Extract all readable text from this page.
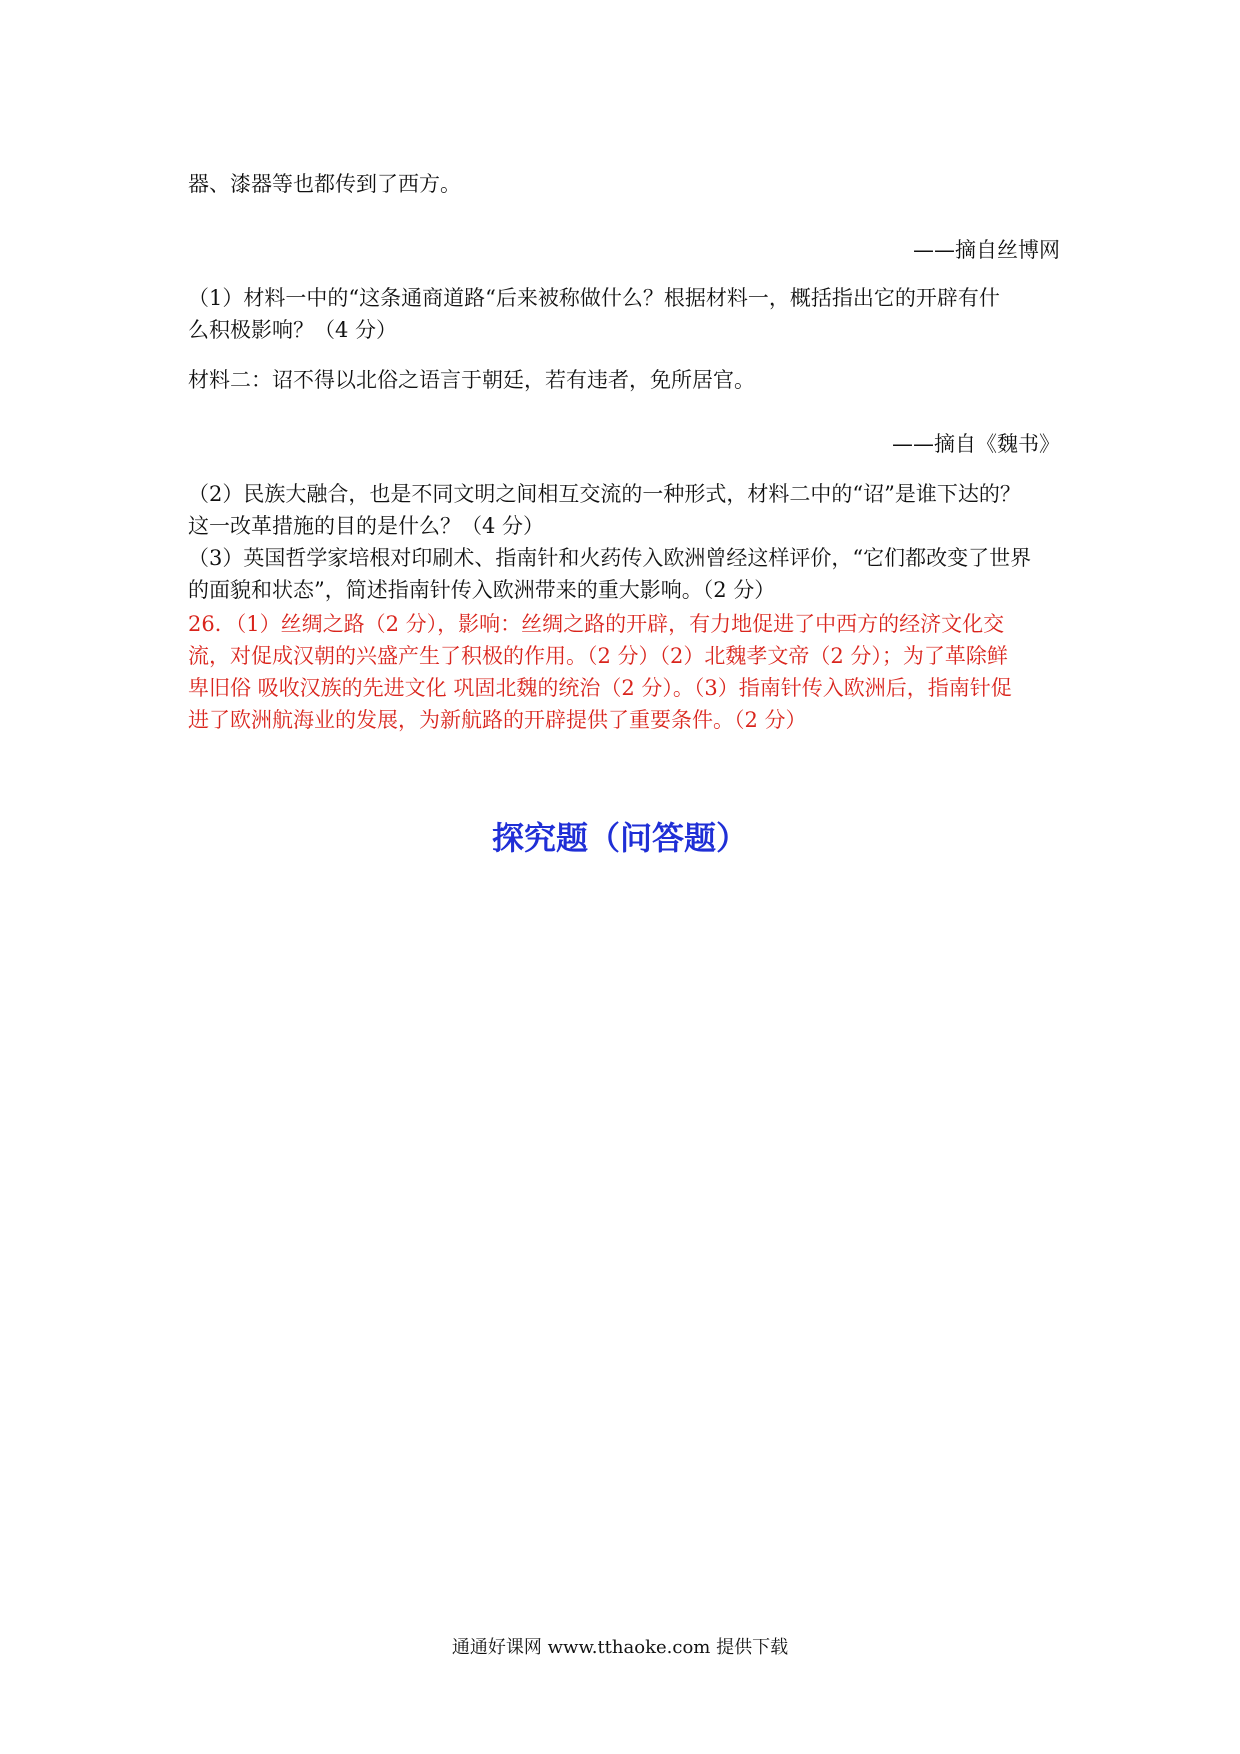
器、漆器等也都传到了西方。
——摘自丝博网
（1）材料一中的“这条通商道路“后来被称做什么？根据材料一，概括指出它的开辟有什
么积极影响？（4 分）
材料二：诏不得以北俗之语言于朝廷，若有违者，免所居官。
——摘自《魏书》
（2）民族大融合，也是不同文明之间相互交流的一种形式，材料二中的“诏”是谁下达的？
这一改革措施的目的是什么？（4 分）
（3）英国哲学家培根对印刷术、指南针和火药传入欧洲曾经这样评价，“它们都改变了世界
的面貌和状态”，简述指南针传入欧洲带来的重大影响。（2 分）
26．（1）丝绸之路（2 分），影响：丝绸之路的开辟，有力地促进了中西方的经济文化交
流，对促成汉朝的兴盛产生了积极的作用。（2 分）（2）北魏孝文帝（2 分）；为了革除鲜
卑旧俗 吸收汉族的先进文化 巩固北魏的统治（2 分）。（3）指南针传入欧洲后，指南针促
进了欧洲航海业的发展，为新航路的开辟提供了重要条件。（2 分）
探究题（问答题）
通通好课网 www.tthaoke.com 提供下载
